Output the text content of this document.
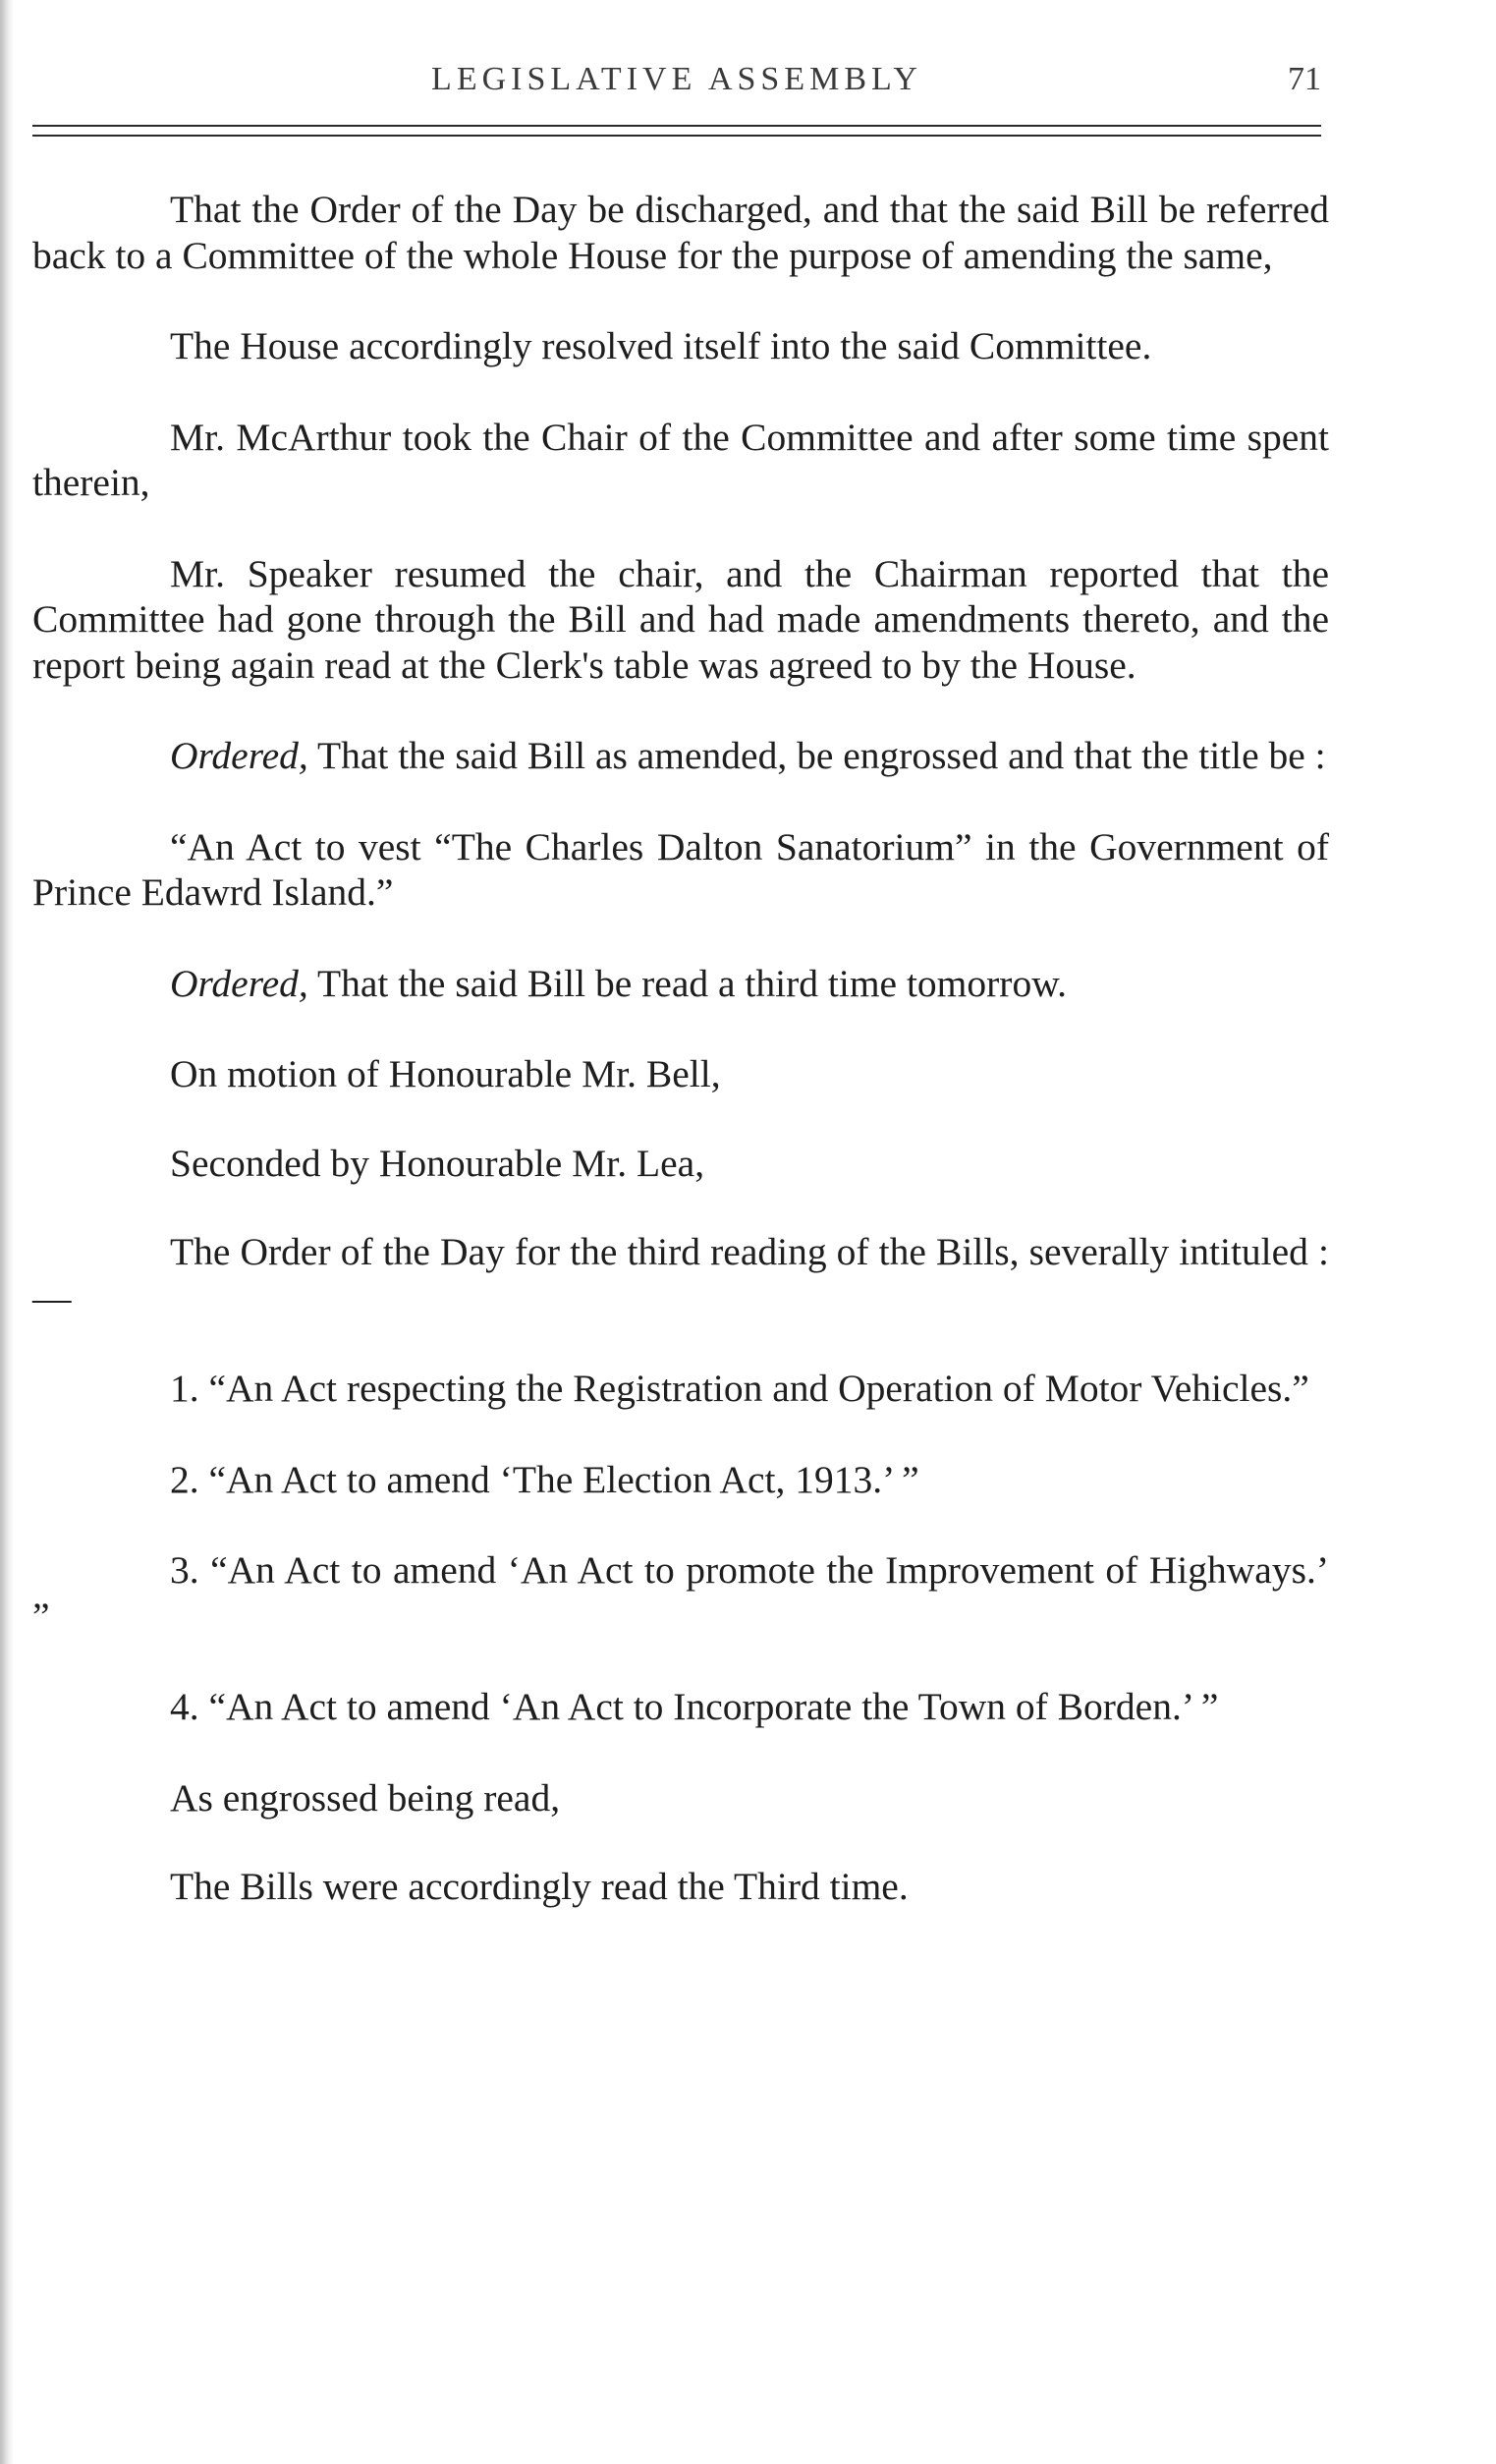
LEGISLATIVE ASSEMBLY	71

That the Order of the Day be discharged, and that the said Bill be referred back to a Committee of the whole House for the purpose of amending the same,

The House accordingly resolved itself into the said Committee.

Mr. McArthur took the Chair of the Committee and after some time spent therein,

Mr. Speaker resumed the chair, and the Chairman reported that the Committee had gone through the Bill and had made amendments thereto, and the report being again read at the Clerk's table was agreed to by the House.

Ordered, That the said Bill as amended, be engrossed and that the title be :

“An Act to vest “The Charles Dalton Sanatorium” in the Government of Prince Edawrd Island.”

Ordered, That the said Bill be read a third time tomorrow.

On motion of Honourable Mr. Bell,

Seconded by Honourable Mr. Lea,

The Order of the Day for the third reading of the Bills, severally intituled :—

1. “An Act respecting the Registration and Operation of Motor Vehicles.”

2. “An Act to amend ‘The Election Act, 1913.’ ”

3. “An Act to amend ‘An Act to promote the Improvement of Highways.’ ”

4. “An Act to amend ‘An Act to Incorporate the Town of Borden.’ ”

As engrossed being read,

The Bills were accordingly read the Third time.
